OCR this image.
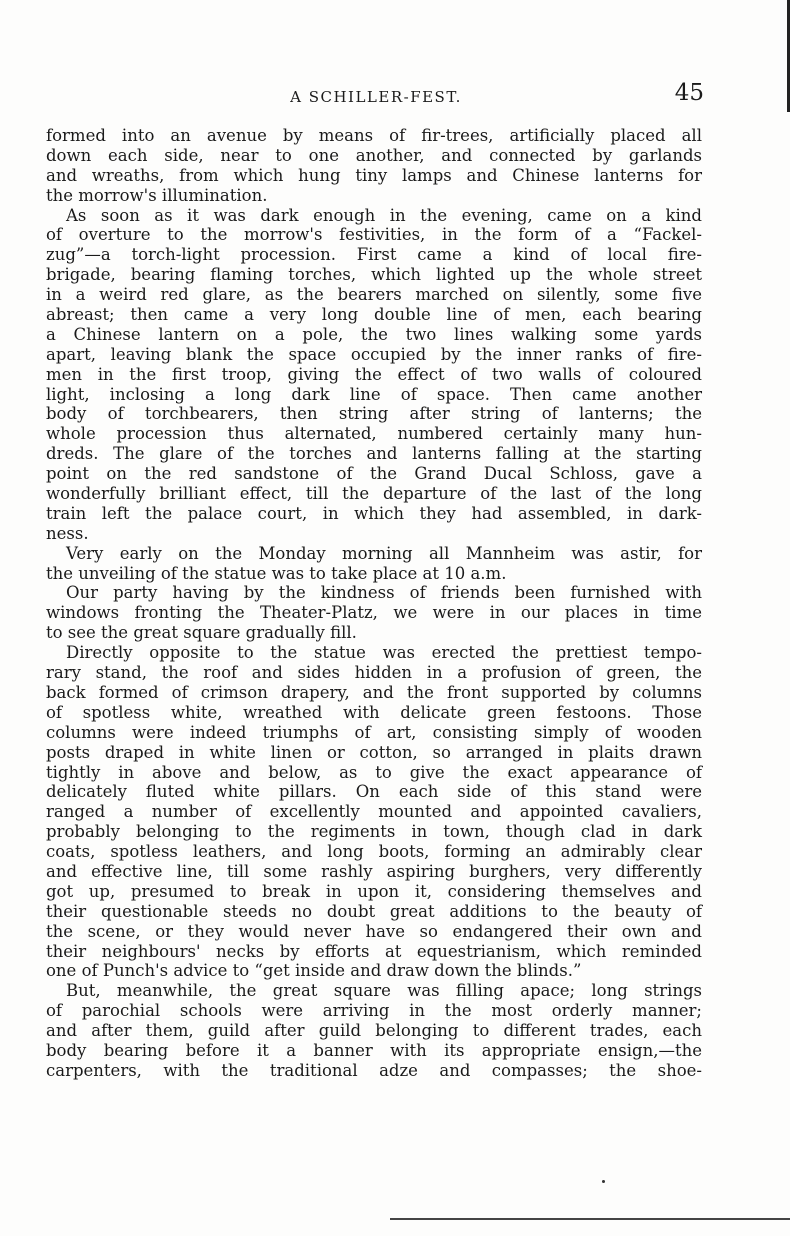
A SCHILLER-FEST.	45
formed into an avenue by means of fir-trees, artificially placed all
down each side, near to one another, and connected by garlands
and wreaths, from which hung tiny lamps and Chinese lanterns for
the morrow's illumination.
As soon as it was dark enough in the evening, came on a kind
of overture to the morrow's festivities, in the form of a “Fackel-
zug”—a torch-light procession. First came a kind of local fire-
brigade, bearing flaming torches, which lighted up the whole street
in a weird red glare, as the bearers marched on silently, some five
abreast; then came a very long double line of men, each bearing
a Chinese lantern on a pole, the two lines walking some yards
apart, leaving blank the space occupied by the inner ranks of fire-
men in the first troop, giving the effect of two walls of coloured
light, inclosing a long dark line of space. Then came another
body of torchbearers, then string after string of lanterns; the
whole procession thus alternated, numbered certainly many hun-
dreds. The glare of the torches and lanterns falling at the starting
point on the red sandstone of the Grand Ducal Schloss, gave a
wonderfully brilliant effect, till the departure of the last of the long
train left the palace court, in which they had assembled, in dark-
ness.
Very early on the Monday morning all Mannheim was astir, for
the unveiling of the statue was to take place at 10 a.m.
Our party having by the kindness of friends been furnished with
windows fronting the Theater-Platz, we were in our places in time
to see the great square gradually fill.
Directly opposite to the statue was erected the prettiest tempo-
rary stand, the roof and sides hidden in a profusion of green, the
back formed of crimson drapery, and the front supported by columns
of spotless white, wreathed with delicate green festoons. Those
columns were indeed triumphs of art, consisting simply of wooden
posts draped in white linen or cotton, so arranged in plaits drawn
tightly in above and below, as to give the exact appearance of
delicately fluted white pillars. On each side of this stand were
ranged a number of excellently mounted and appointed cavaliers,
probably belonging to the regiments in town, though clad in dark
coats, spotless leathers, and long boots, forming an admirably clear
and effective line, till some rashly aspiring burghers, very differently
got up, presumed to break in upon it, considering themselves and
their questionable steeds no doubt great additions to the beauty of
the scene, or they would never have so endangered their own and
their neighbours' necks by efforts at equestrianism, which reminded
one of Punch's advice to “get inside and draw down the blinds.”
But, meanwhile, the great square was filling apace; long strings
of parochial schools were arriving in the most orderly manner;
and after them, guild after guild belonging to different trades, each
body bearing before it a banner with its appropriate ensign,—the
carpenters, with the traditional adze and compasses; the shoe-
